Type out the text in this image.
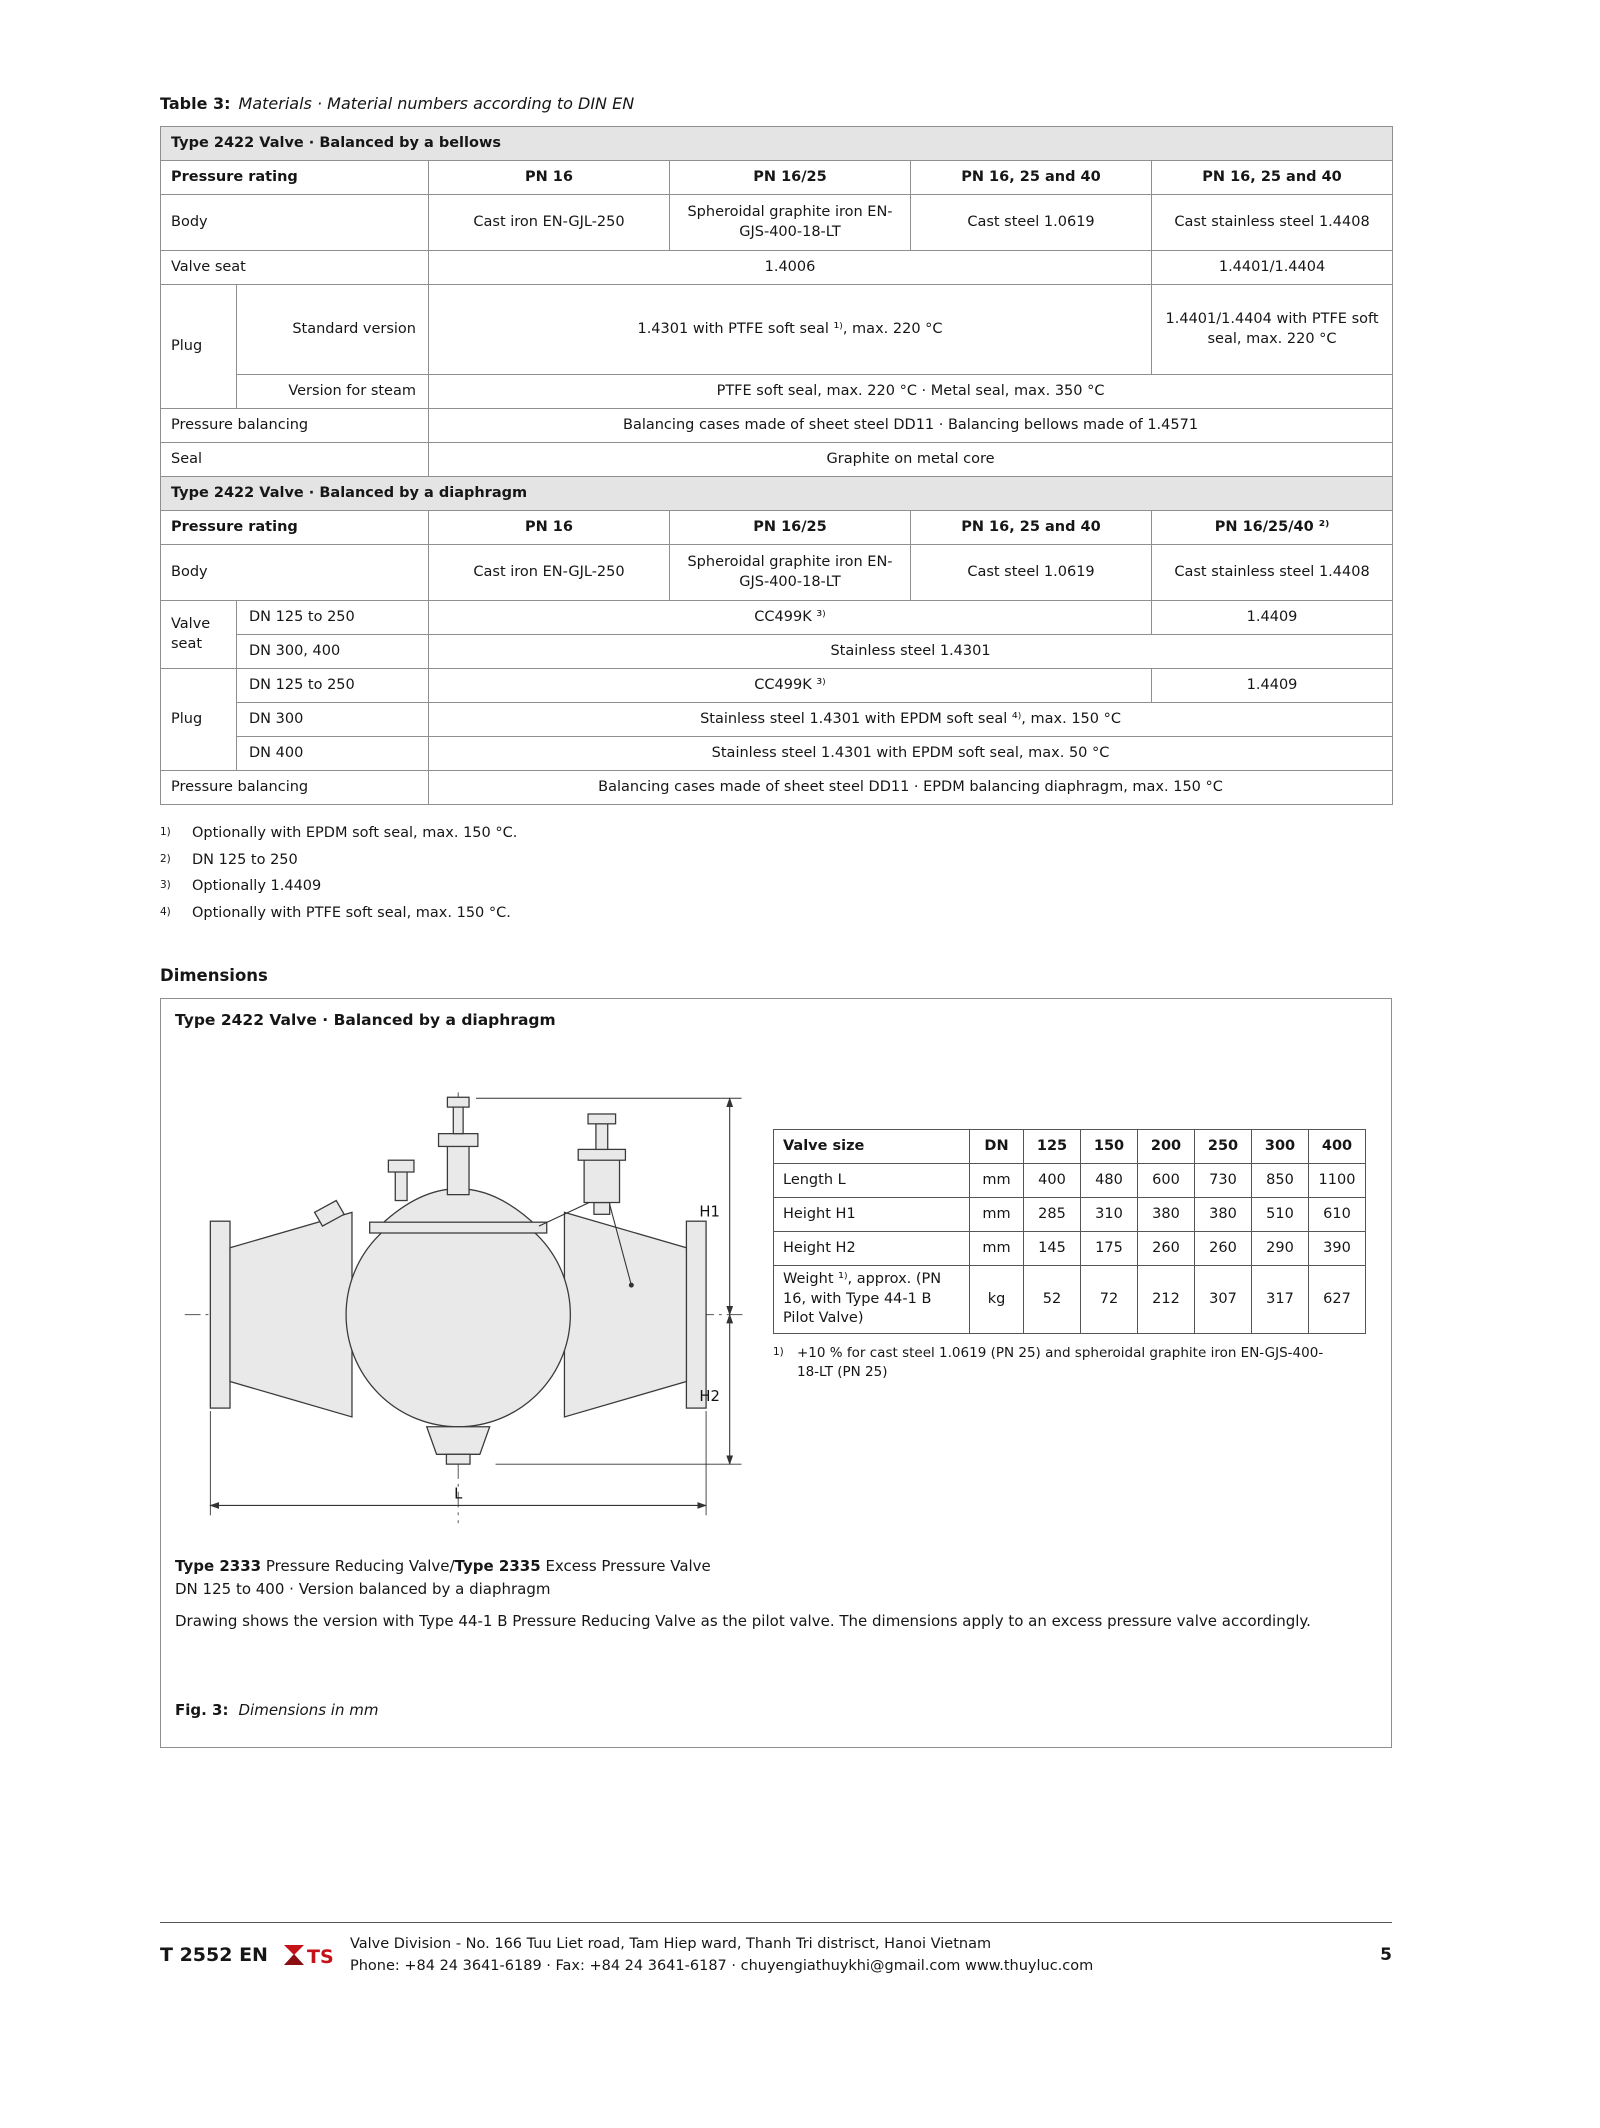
Table 3: Materials · Material numbers according to DIN EN
Type 2422 Valve · Balanced by a bellows					
Pressure rating		PN 16	PN 16/25	PN 16, 25 and 40	PN 16, 25 and 40
Body		Cast iron EN-GJL-250	Spheroidal graphite iron EN-GJS-400-18-LT	Cast steel 1.0619	Cast stainless steel 1.4408
Valve seat		1.4006			1.4401/1.4404
Plug	Standard version	1.4301 with PTFE soft seal ¹⁾, max. 220 °C			1.4401/1.4404 with PTFE soft seal, max. 220 °C
	Version for steam	PTFE soft seal, max. 220 °C · Metal seal, max. 350 °C			
Pressure balancing		Balancing cases made of sheet steel DD11 · Balancing bellows made of 1.4571			
Seal		Graphite on metal core			
Type 2422 Valve · Balanced by a diaphragm					
Pressure rating		PN 16	PN 16/25	PN 16, 25 and 40	PN 16/25/40 ²⁾
Body		Cast iron EN-GJL-250	Spheroidal graphite iron EN-GJS-400-18-LT	Cast steel 1.0619	Cast stainless steel 1.4408
Valve
seat	DN 125 to 250	CC499K ³⁾			1.4409
	DN 300, 400	Stainless steel 1.4301			
Plug	DN 125 to 250	CC499K ³⁾			1.4409
	DN 300	Stainless steel 1.4301 with EPDM soft seal ⁴⁾, max. 150 °C			
	DN 400	Stainless steel 1.4301 with EPDM soft seal, max. 50 °C			
Pressure balancing		Balancing cases made of sheet steel DD11 · EPDM balancing diaphragm, max. 150 °C			
1)	Optionally with EPDM soft seal, max. 150 °C.
2)	DN 125 to 250
3)	Optionally 1.4409
4)	Optionally with PTFE soft seal, max. 150 °C.
Dimensions
Type 2422 Valve · Balanced by a diaphragm
H1
H2
L
Valve size	DN	125	150	200	250	300	400
Length L	mm	400	480	600	730	850	1100
Height H1	mm	285	310	380	380	510	610
Height H2	mm	145	175	260	260	290	390
Weight ¹⁾, approx. (PN 16, with Type 44-1 B Pilot Valve)	kg	52	72	212	307	317	627
1) +10 % for cast steel 1.0619 (PN 25) and spheroidal graphite iron EN-GJS-400-18-LT (PN 25)
Type 2333 Pressure Reducing Valve/Type 2335 Excess Pressure Valve
DN 125 to 400 · Version balanced by a diaphragm
Drawing shows the version with Type 44-1 B Pressure Reducing Valve as the pilot valve. The dimensions apply to an excess pressure valve accordingly.
Fig. 3: Dimensions in mm
T 2552 EN TS
Valve Division - No. 166 Tuu Liet road, Tam Hiep ward, Thanh Tri distrisct, Hanoi Vietnam
Phone: +84 24 3641-6189 · Fax: +84 24 3641-6187 · chuyengiathuykhi@gmail.com www.thuyluc.com
5
